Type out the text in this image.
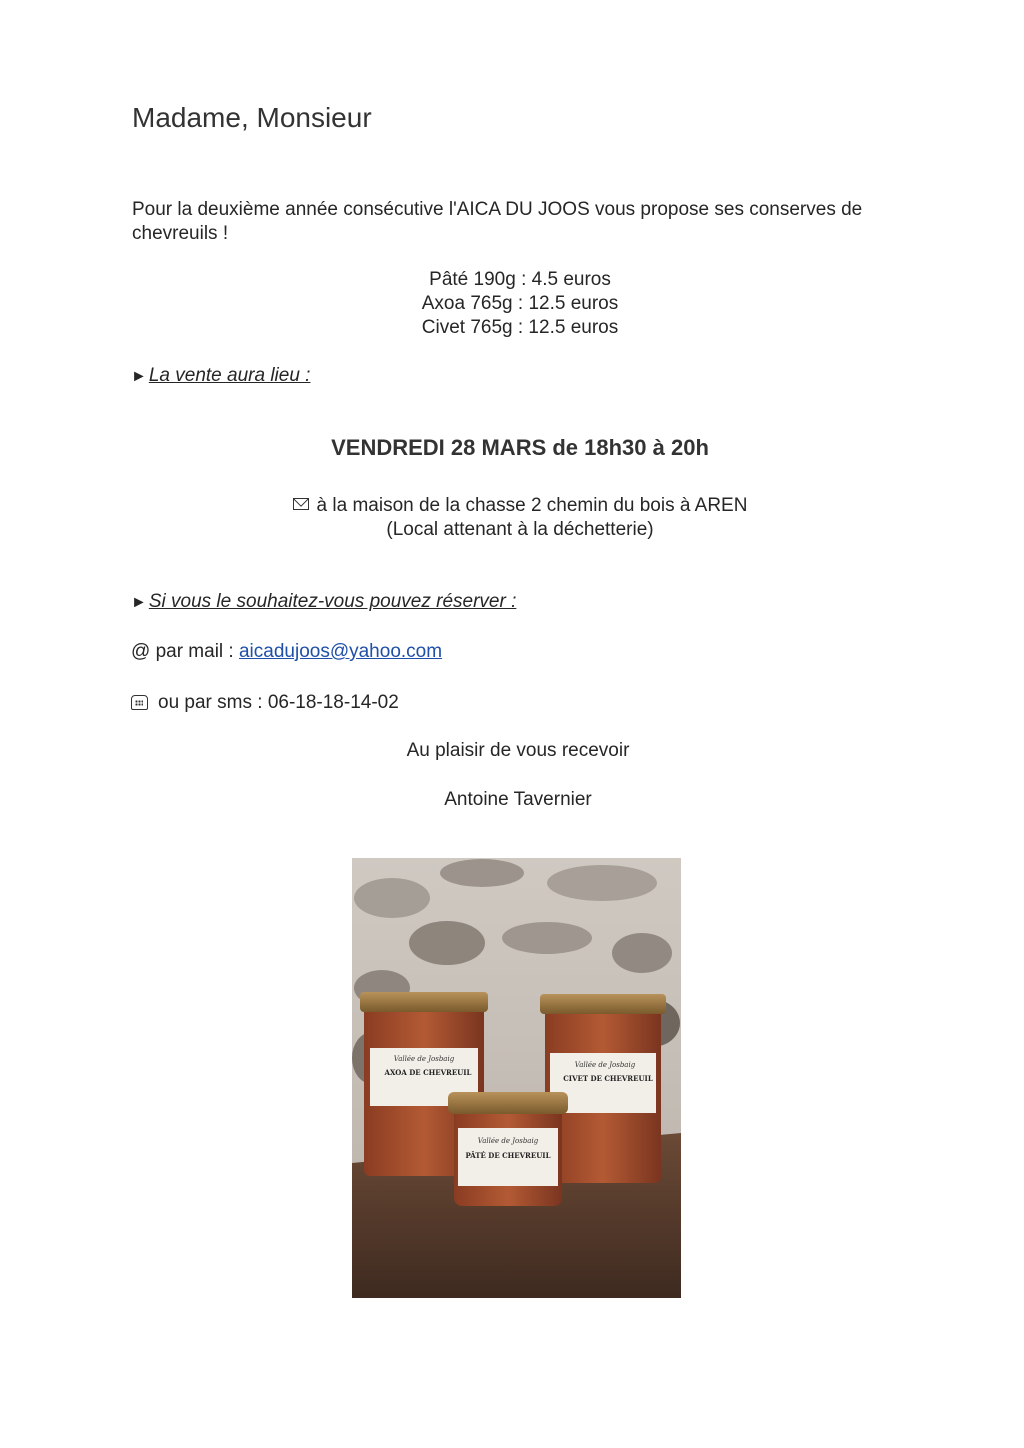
Madame, Monsieur
Pour la deuxième année consécutive l'AICA DU JOOS vous propose ses conserves de chevreuils !
Pâté 190g : 4.5 euros
Axoa 765g : 12.5 euros
Civet 765g : 12.5 euros
► La vente aura lieu :
VENDREDI 28 MARS de 18h30 à 20h
à la maison de la chasse 2 chemin du bois à AREN
(Local attenant à la déchetterie)
► Si vous le souhaitez-vous pouvez réserver :
@ par mail : aicadujoos@yahoo.com
ou par sms : 06-18-18-14-02
Au plaisir de vous recevoir
Antoine Tavernier
Vallée de Josbaig
AXOA DE CHEVREUIL
Vallée de Josbaig
CIVET DE CHEVREUIL
Vallée de Josbaig
PÂTÉ DE CHEVREUIL
